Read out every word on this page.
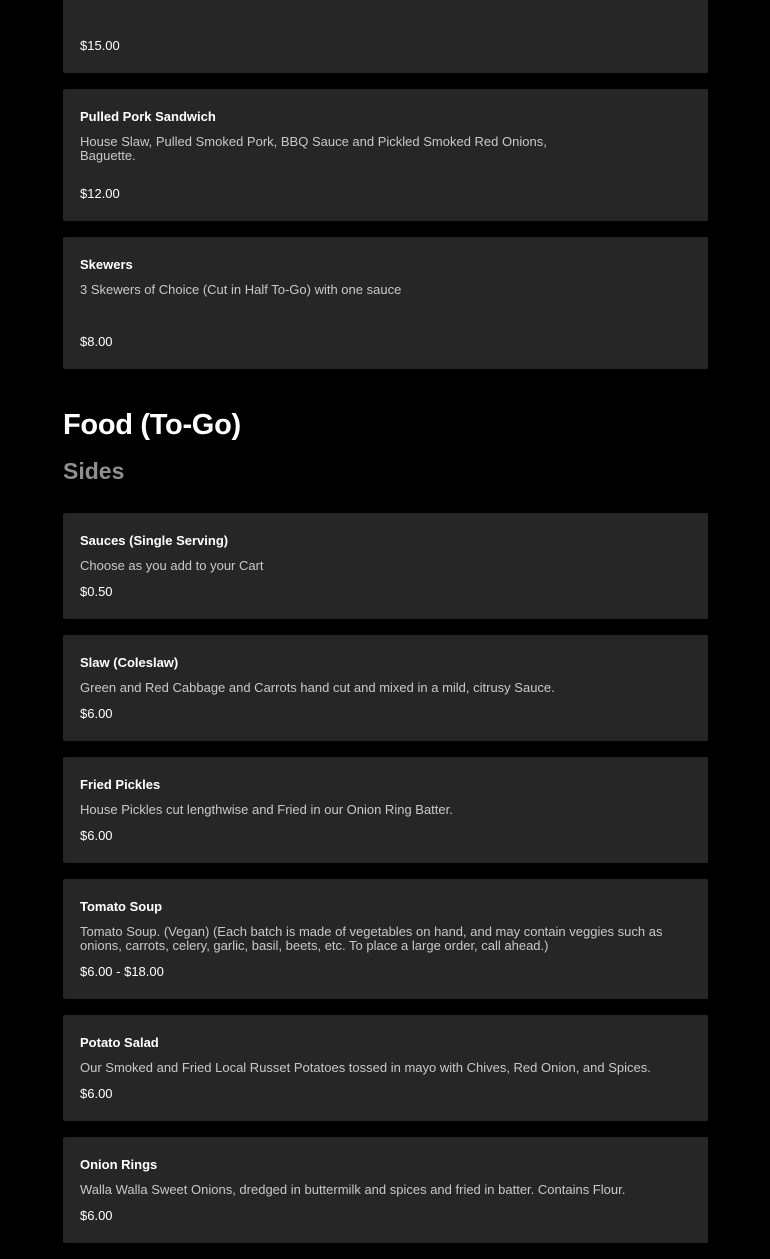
$15.00
Pulled Pork Sandwich
House Slaw, Pulled Smoked Pork, BBQ Sauce and Pickled Smoked Red Onions, Baguette.
$12.00
Skewers
3 Skewers of Choice (Cut in Half To-Go) with one sauce
$8.00
Food (To-Go)
Sides
Sauces (Single Serving)
Choose as you add to your Cart
$0.50
Slaw (Coleslaw)
Green and Red Cabbage and Carrots hand cut and mixed in a mild, citrusy Sauce.
$6.00
Fried Pickles
House Pickles cut lengthwise and Fried in our Onion Ring Batter.
$6.00
Tomato Soup
Tomato Soup. (Vegan) (Each batch is made of vegetables on hand, and may contain veggies such as onions, carrots, celery, garlic, basil, beets, etc. To place a large order, call ahead.)
$6.00 - $18.00
Potato Salad
Our Smoked and Fried Local Russet Potatoes tossed in mayo with Chives, Red Onion, and Spices.
$6.00
Onion Rings
Walla Walla Sweet Onions, dredged in buttermilk and spices and fried in batter. Contains Flour.
$6.00
